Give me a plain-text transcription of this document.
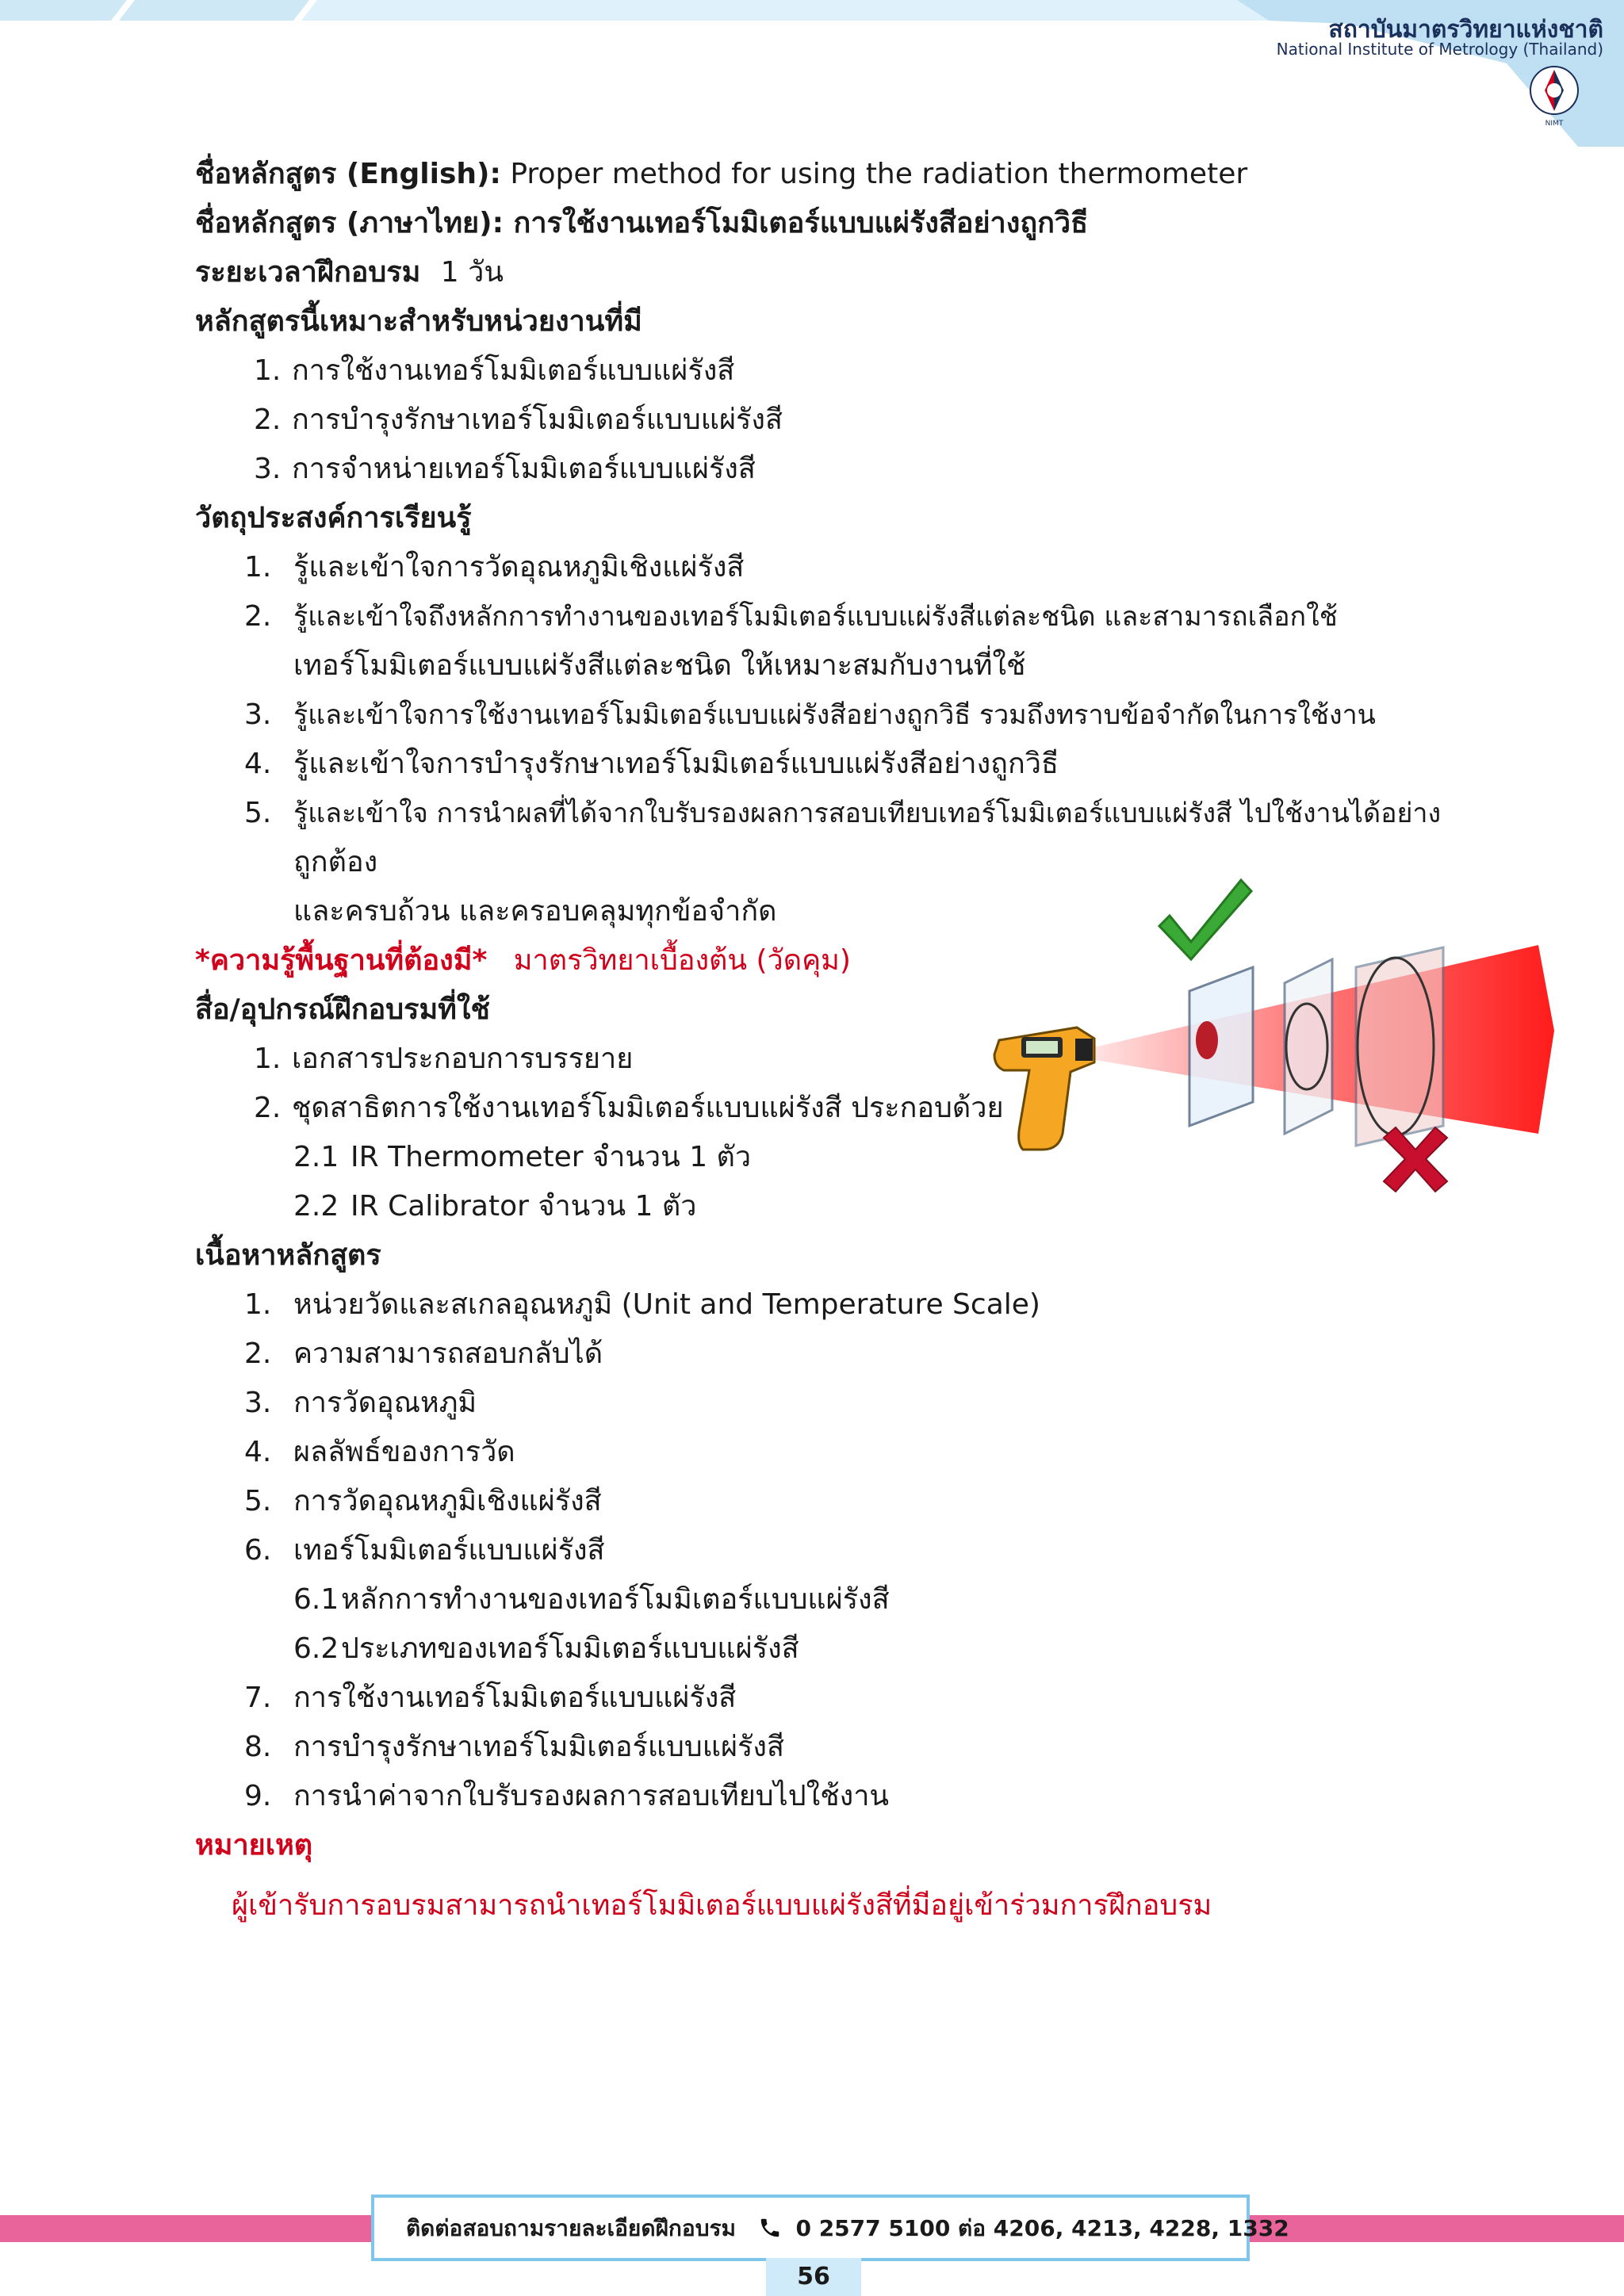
สถาบันมาตรวิทยาแห่งชาติ
National Institute of Metrology (Thailand)
NIMT
ชื่อหลักสูตร (English): Proper method for using the radiation thermometer
ชื่อหลักสูตร (ภาษาไทย): การใช้งานเทอร์โมมิเตอร์แบบแผ่รังสีอย่างถูกวิธี
ระยะเวลาฝึกอบรม 1 วัน
หลักสูตรนี้เหมาะสำหรับหน่วยงานที่มี
1. การใช้งานเทอร์โมมิเตอร์แบบแผ่รังสี
2. การบำรุงรักษาเทอร์โมมิเตอร์แบบแผ่รังสี
3. การจำหน่ายเทอร์โมมิเตอร์แบบแผ่รังสี
วัตถุประสงค์การเรียนรู้
1. รู้และเข้าใจการวัดอุณหภูมิเชิงแผ่รังสี
2. รู้และเข้าใจถึงหลักการทำงานของเทอร์โมมิเตอร์แบบแผ่รังสีแต่ละชนิด และสามารถเลือกใช้
เทอร์โมมิเตอร์แบบแผ่รังสีแต่ละชนิด ให้เหมาะสมกับงานที่ใช้
3. รู้และเข้าใจการใช้งานเทอร์โมมิเตอร์แบบแผ่รังสีอย่างถูกวิธี รวมถึงทราบข้อจำกัดในการใช้งาน
4. รู้และเข้าใจการบำรุงรักษาเทอร์โมมิเตอร์แบบแผ่รังสีอย่างถูกวิธี
5. รู้และเข้าใจ การนำผลที่ได้จากใบรับรองผลการสอบเทียบเทอร์โมมิเตอร์แบบแผ่รังสี ไปใช้งานได้อย่าง
ถูกต้อง
และครบถ้วน และครอบคลุมทุกข้อจำกัด
*ความรู้พื้นฐานที่ต้องมี* มาตรวิทยาเบื้องต้น (วัดคุม)
สื่อ/อุปกรณ์ฝึกอบรมที่ใช้
1. เอกสารประกอบการบรรยาย
2. ชุดสาธิตการใช้งานเทอร์โมมิเตอร์แบบแผ่รังสี ประกอบด้วย
2.1 IR Thermometer จำนวน 1 ตัว
2.2 IR Calibrator จำนวน 1 ตัว
เนื้อหาหลักสูตร
1. หน่วยวัดและสเกลอุณหภูมิ (Unit and Temperature Scale)
2. ความสามารถสอบกลับได้
3. การวัดอุณหภูมิ
4. ผลลัพธ์ของการวัด
5. การวัดอุณหภูมิเชิงแผ่รังสี
6. เทอร์โมมิเตอร์แบบแผ่รังสี
6.1 หลักการทำงานของเทอร์โมมิเตอร์แบบแผ่รังสี
6.2 ประเภทของเทอร์โมมิเตอร์แบบแผ่รังสี
7. การใช้งานเทอร์โมมิเตอร์แบบแผ่รังสี
8. การบำรุงรักษาเทอร์โมมิเตอร์แบบแผ่รังสี
9. การนำค่าจากใบรับรองผลการสอบเทียบไปใช้งาน
หมายเหตุ
ผู้เข้ารับการอบรมสามารถนำเทอร์โมมิเตอร์แบบแผ่รังสีที่มีอยู่เข้าร่วมการฝึกอบรม
ติดต่อสอบถามรายละเอียดฝึกอบรม	0 2577 5100 ต่อ 4206, 4213, 4228, 1332
56
